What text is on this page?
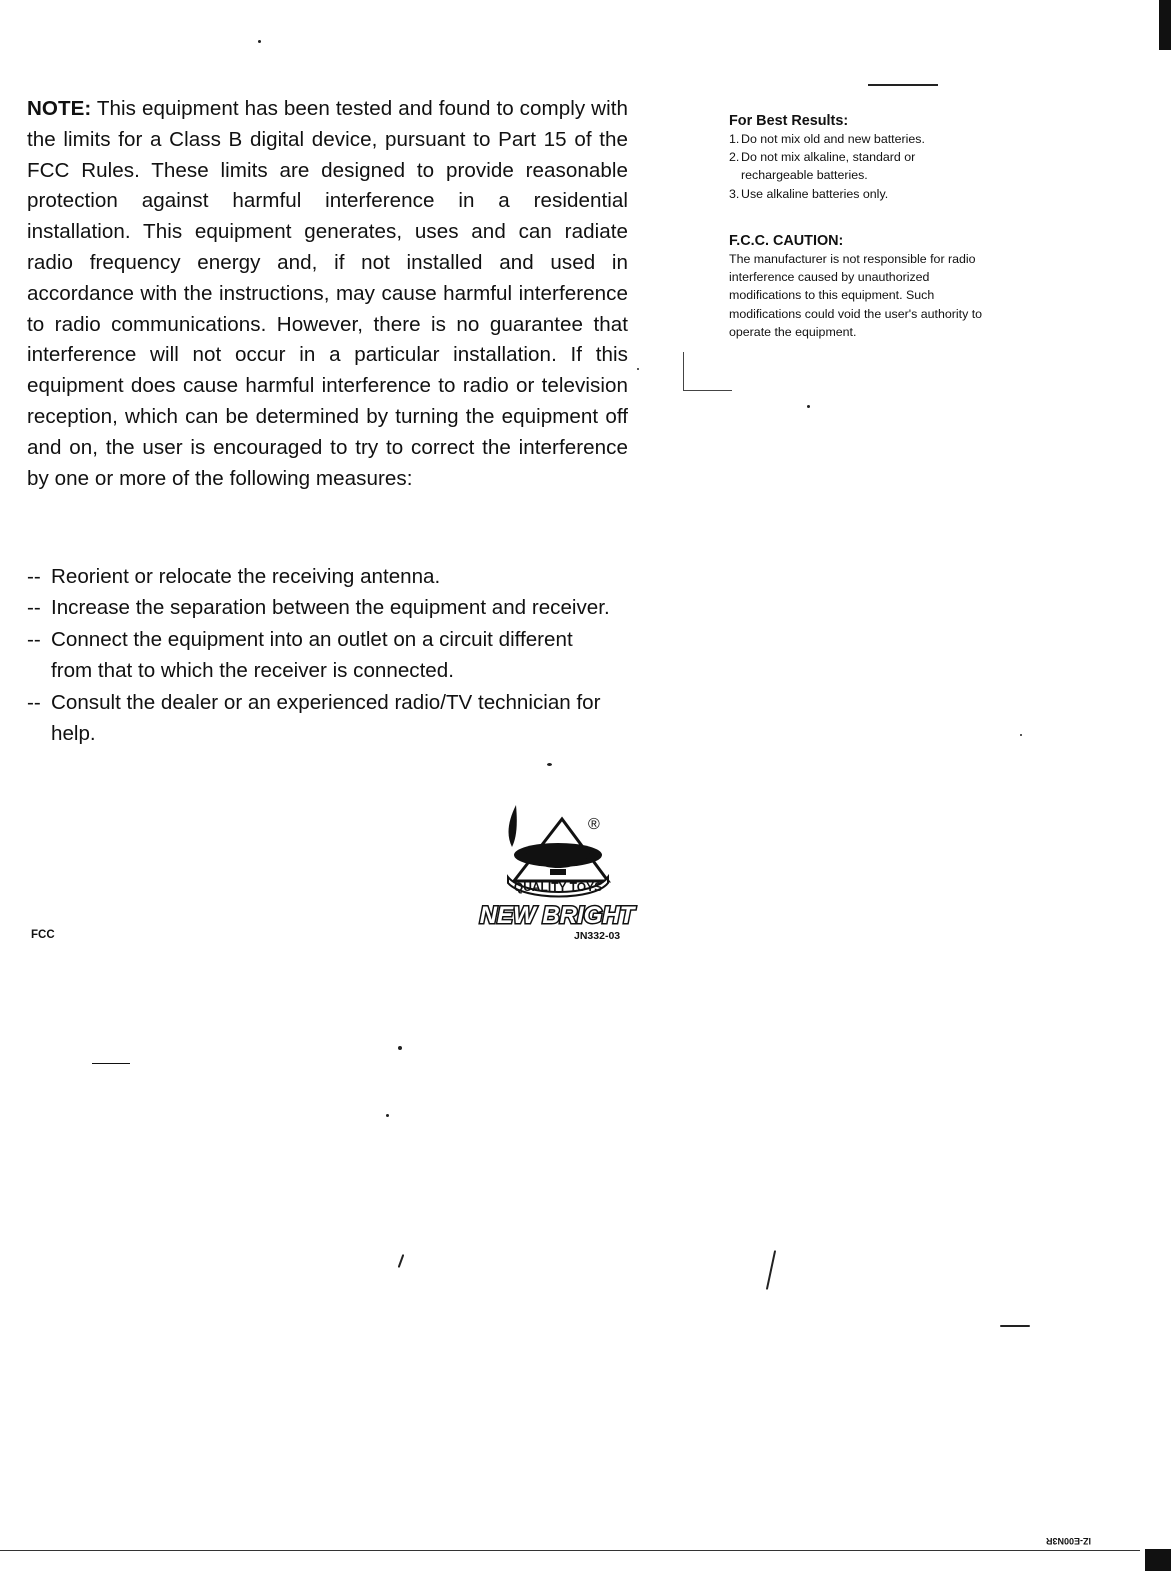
NOTE: This equipment has been tested and found to comply with the limits for a Class B digital device, pursuant to Part 15 of the FCC Rules. These limits are designed to provide reasonable protection against harmful interference in a residential installation. This equipment generates, uses and can radiate radio frequency energy and, if not installed and used in accordance with the instructions, may cause harmful interference to radio communications. However, there is no guarantee that interference will not occur in a particular installation. If this equipment does cause harmful interference to radio or television reception, which can be determined by turning the equipment off and on, the user is encouraged to try to correct the interference by one or more of the following measures:
-- Reorient or relocate the receiving antenna.
-- Increase the separation between the equipment and receiver.
-- Connect the equipment into an outlet on a circuit different from that to which the receiver is connected.
-- Consult the dealer or an experienced radio/TV technician for help.
For Best Results:
1. Do not mix old and new batteries.
2. Do not mix alkaline, standard or rechargeable batteries.
3. Use alkaline batteries only.
F.C.C. CAUTION:

The manufacturer is not responsible for radio interference caused by unauthorized modifications to this equipment. Such modifications could void the user's authority to operate the equipment.

QUALITY TOYS
®
NEW BRIGHT
JN332-03
FCC
IZ-E00N3R
